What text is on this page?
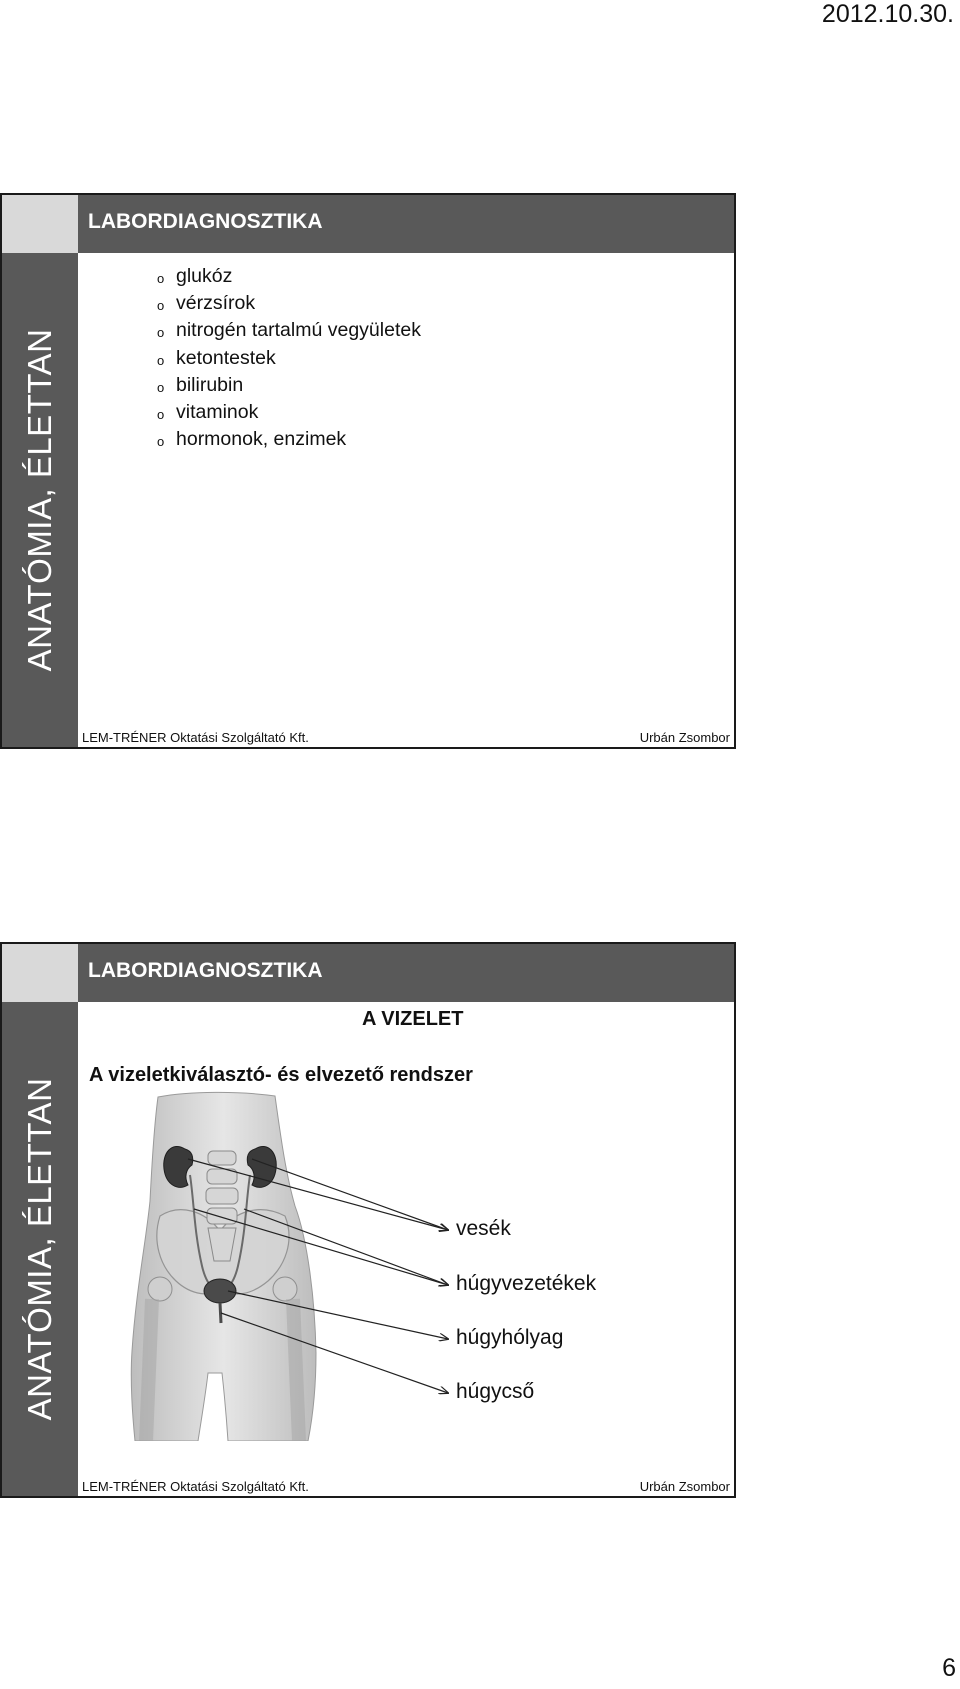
2012.10.30.
LABORDIAGNOSZTIKA
ANATÓMIA, ÉLETTAN
o glukóz
o vérzsírok
o nitrogén tartalmú vegyületek
o ketontestek
o bilirubin
o vitaminok
o hormonok, enzimek
LEM-TRÉNER Oktatási Szolgáltató Kft.	Urbán Zsombor
LABORDIAGNOSZTIKA
ANATÓMIA, ÉLETTAN
A VIZELET
A vizeletkiválasztó- és elvezető rendszer
vesék
húgyvezetékek
húgyhólyag
húgycső
LEM-TRÉNER Oktatási Szolgáltató Kft.	Urbán Zsombor
6
